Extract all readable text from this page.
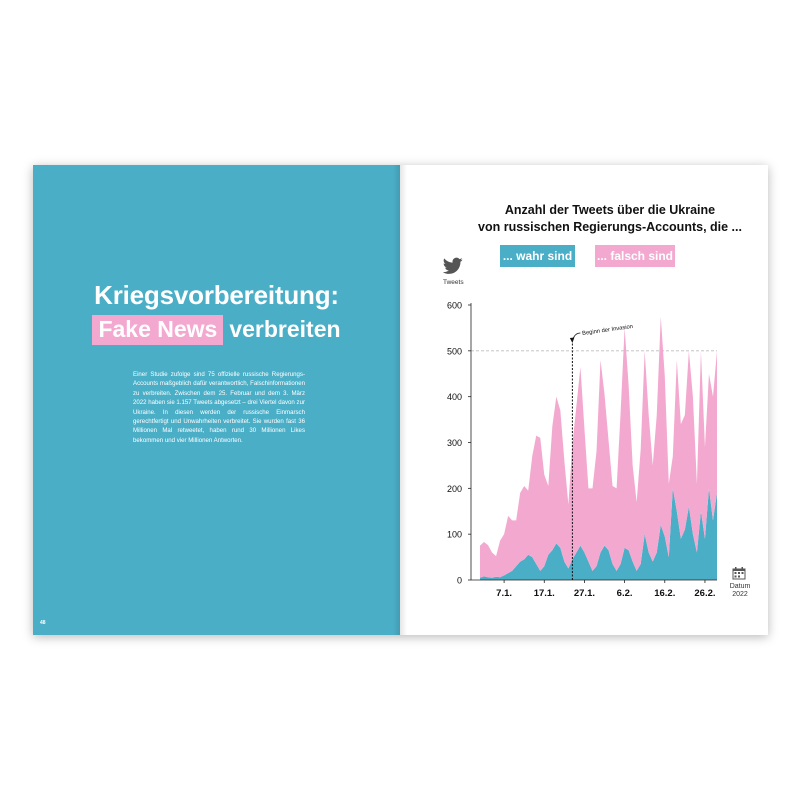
Kriegsvorbereitung:
Fake News verbreiten
Einer Studie zufolge sind 75 offizielle russische Regierungs-Accounts maßgeblich dafür verantwortlich, Falschinformationen zu verbreiten. Zwischen dem 25. Februar und dem 3. März 2022 haben sie 1.157 Tweets abgesetzt – drei Viertel davon zur Ukraine. In diesen werden der russische Einmarsch gerechtfertigt und Unwahrheiten verbreitet. Sie wurden fast 36 Millionen Mal retweetet, haben rund 30 Millionen Likes bekommen und vier Millionen Antworten.
48
Anzahl der Tweets über die Ukraine
von russischen Regierungs-Accounts, die ...
... wahr sind ... falsch sind
Tweets
Datum
2022
0
100
200
300
400
500
600
7.1. 17.1. 27.1. 6.2. 16.2. 26.2.
Beginn der Invasion
